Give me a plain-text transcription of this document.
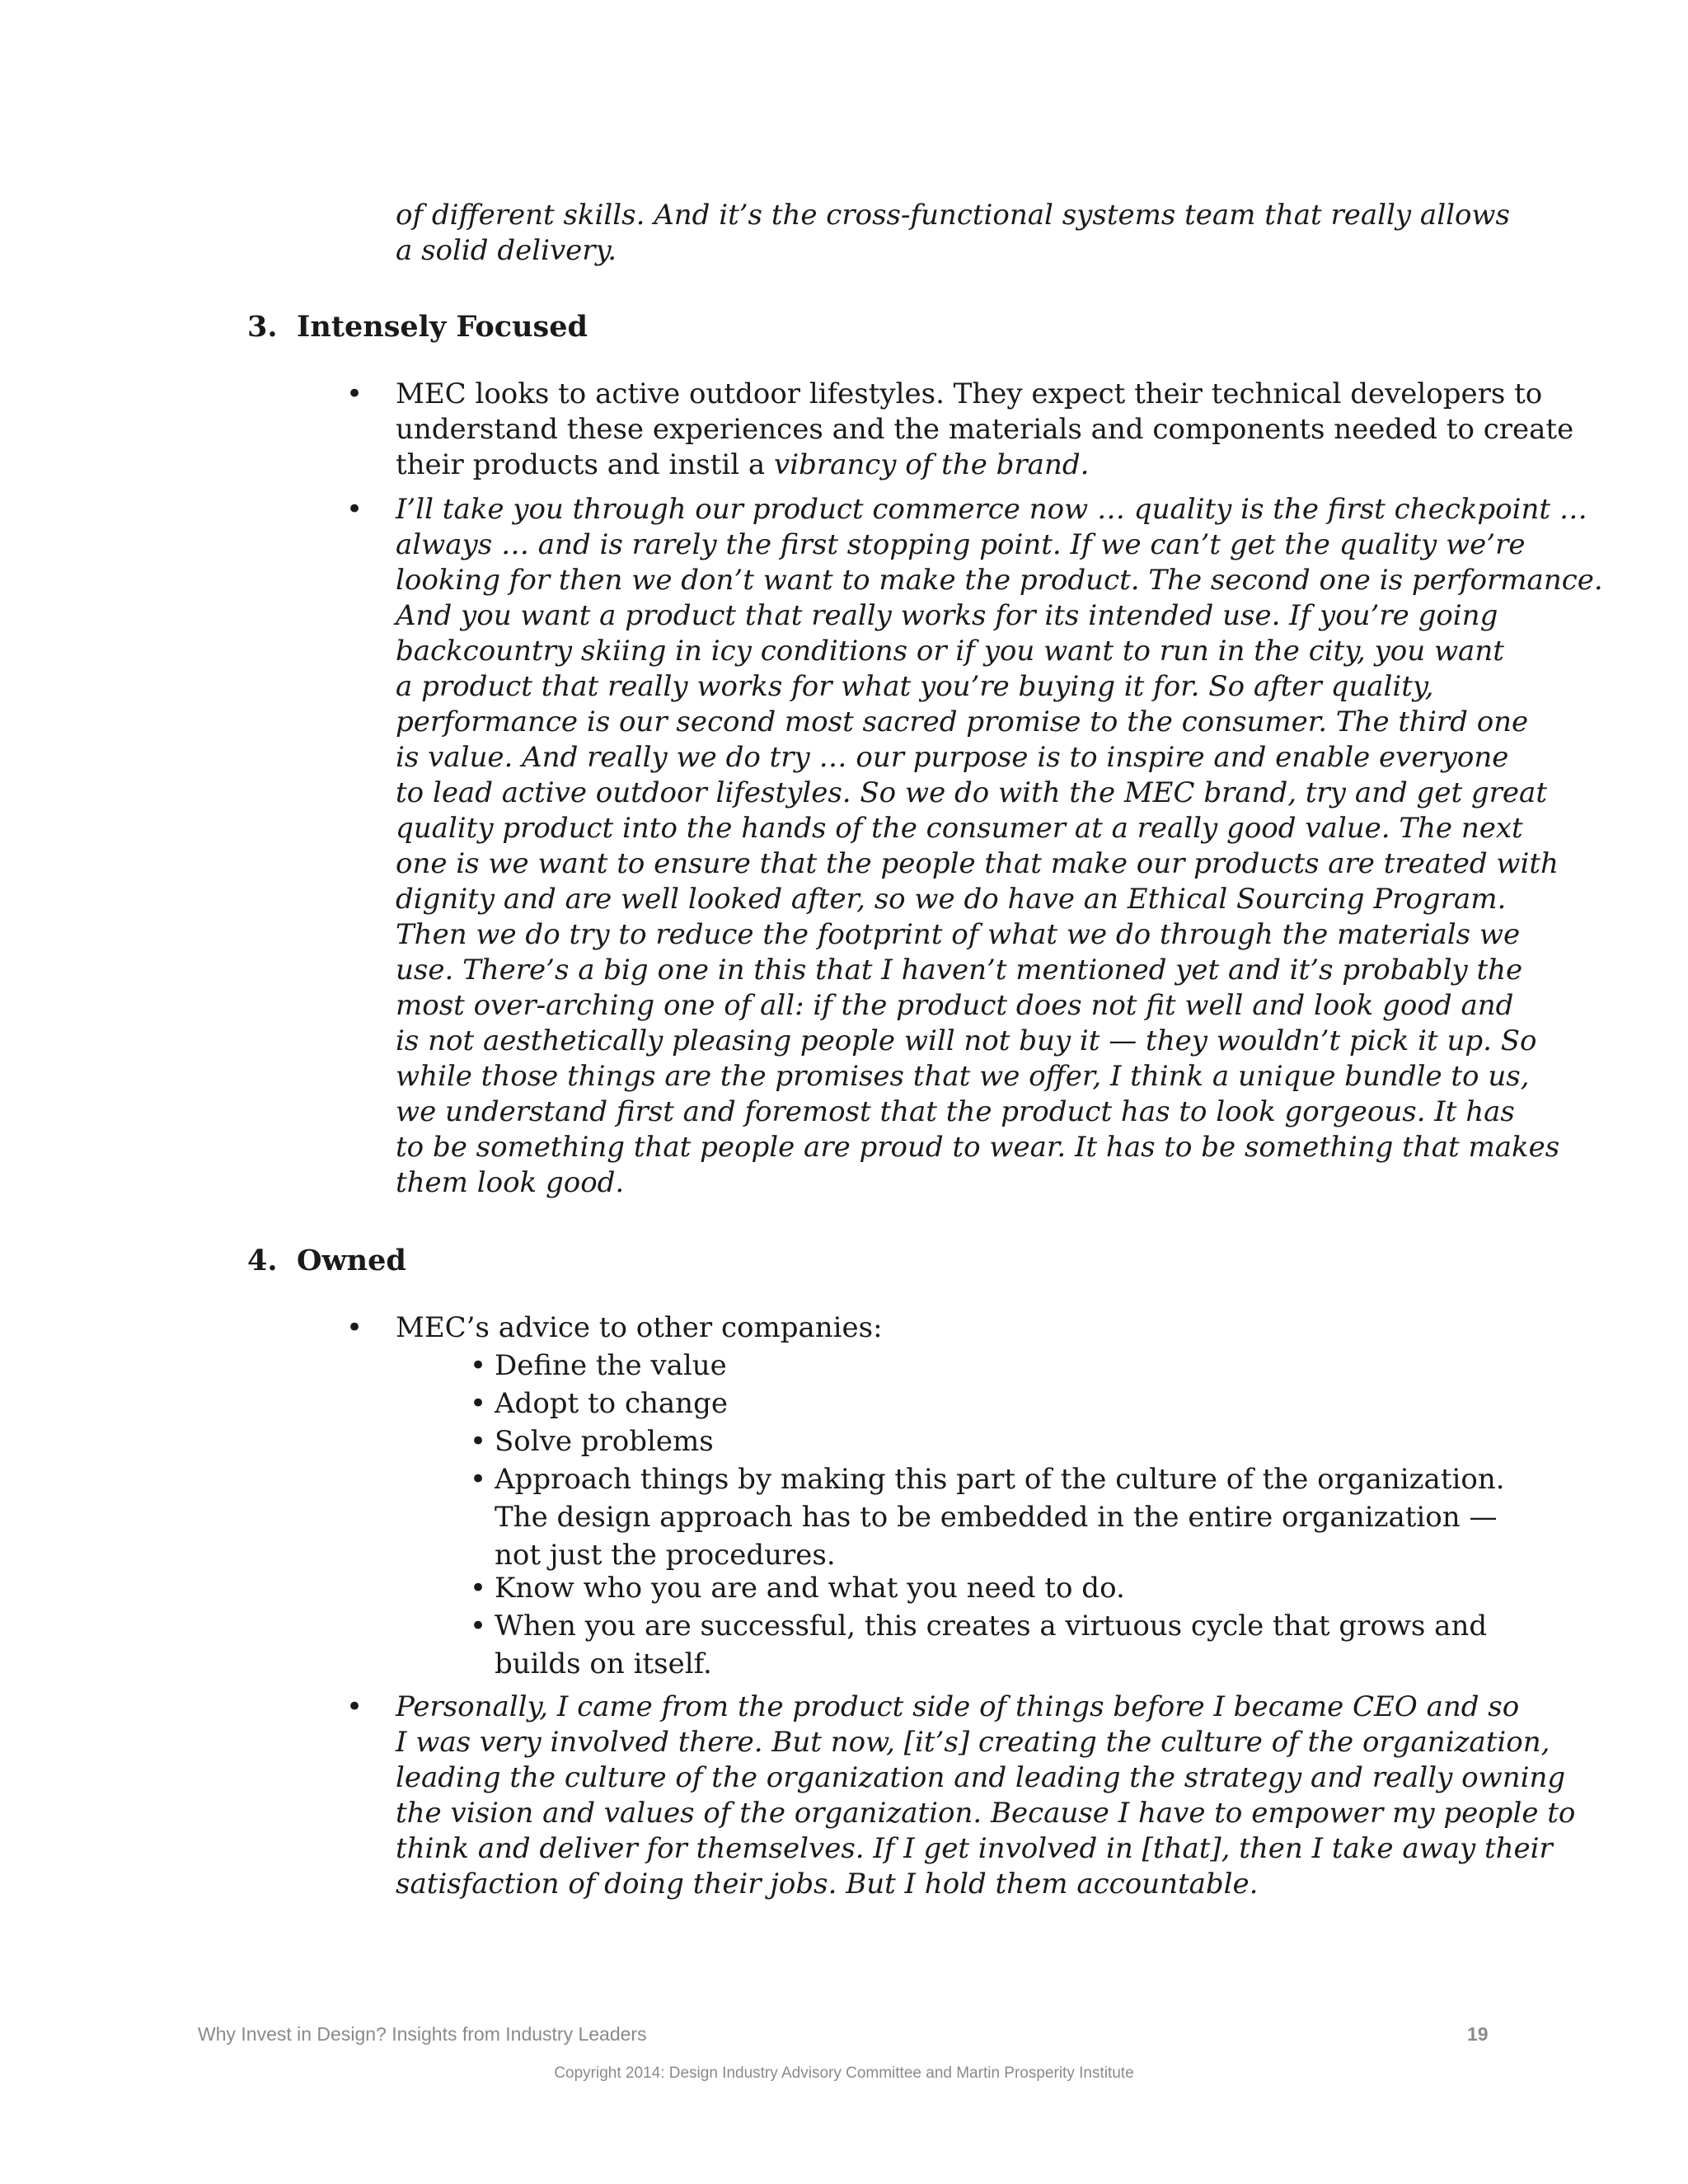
of different skills. And it’s the cross-functional systems team that really allows
a solid delivery.
3. Intensely Focused
• MEC looks to active outdoor lifestyles. They expect their technical developers to
understand these experiences and the materials and components needed to create
their products and instil a vibrancy of the brand.
• I’ll take you through our product commerce now … quality is the first checkpoint …
always … and is rarely the first stopping point. If we can’t get the quality we’re
looking for then we don’t want to make the product. The second one is performance.
And you want a product that really works for its intended use. If you’re going
backcountry skiing in icy conditions or if you want to run in the city, you want
a product that really works for what you’re buying it for. So after quality,
performance is our second most sacred promise to the consumer. The third one
is value. And really we do try … our purpose is to inspire and enable everyone
to lead active outdoor lifestyles. So we do with the MEC brand, try and get great
quality product into the hands of the consumer at a really good value. The next
one is we want to ensure that the people that make our products are treated with
dignity and are well looked after, so we do have an Ethical Sourcing Program.
Then we do try to reduce the footprint of what we do through the materials we
use. There’s a big one in this that I haven’t mentioned yet and it’s probably the
most over-arching one of all: if the product does not fit well and look good and
is not aesthetically pleasing people will not buy it — they wouldn’t pick it up. So
while those things are the promises that we offer, I think a unique bundle to us,
we understand first and foremost that the product has to look gorgeous. It has
to be something that people are proud to wear. It has to be something that makes
them look good.
4. Owned
• MEC’s advice to other companies:
• Define the value
• Adopt to change
• Solve problems
• Approach things by making this part of the culture of the organization.
The design approach has to be embedded in the entire organization —
not just the procedures.
• Know who you are and what you need to do.
• When you are successful, this creates a virtuous cycle that grows and
builds on itself.
• Personally, I came from the product side of things before I became CEO and so
I was very involved there. But now, [it’s] creating the culture of the organization,
leading the culture of the organization and leading the strategy and really owning
the vision and values of the organization. Because I have to empower my people to
think and deliver for themselves. If I get involved in [that], then I take away their
satisfaction of doing their jobs. But I hold them accountable.
Why Invest in Design? Insights from Industry Leaders	19
Copyright 2014: Design Industry Advisory Committee and Martin Prosperity Institute
